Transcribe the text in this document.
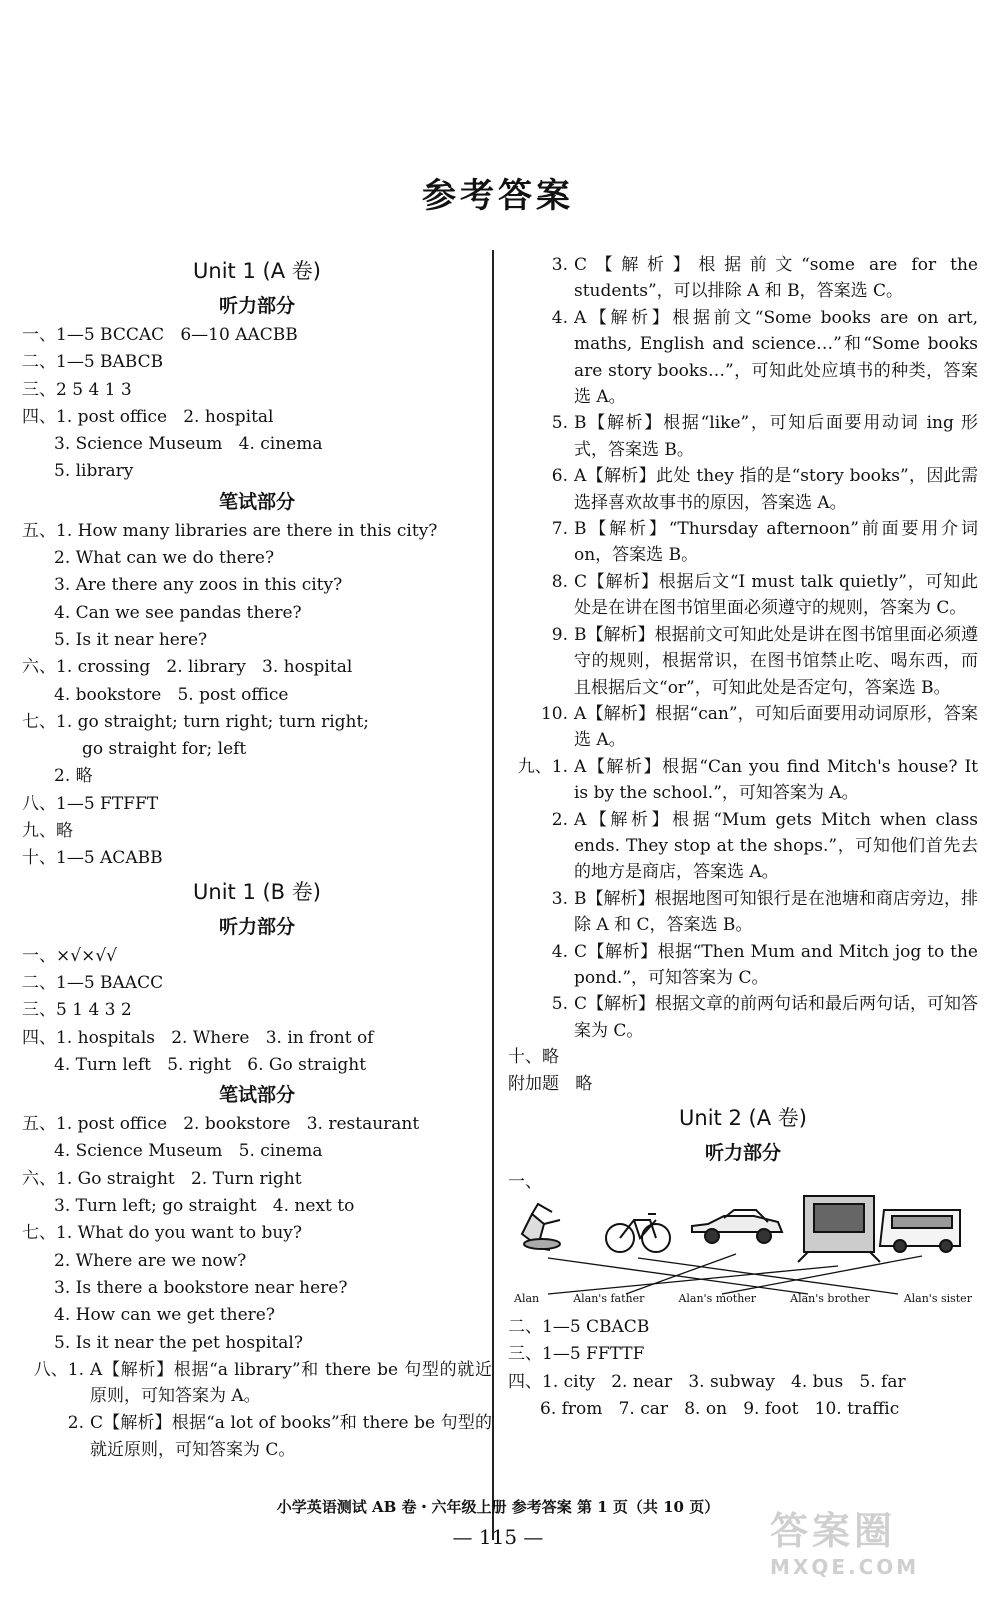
参考答案
Unit 1 (A 卷)
听力部分
一、1—5 BCCAC   6—10 AACBB
二、1—5 BABCB
三、2 5 4 1 3
四、1. post office   2. hospital
3. Science Museum   4. cinema
5. library
笔试部分
五、1. How many libraries are there in this city?
2. What can we do there?
3. Are there any zoos in this city?
4. Can we see pandas there?
5. Is it near here?
六、1. crossing   2. library   3. hospital
4. bookstore   5. post office
七、1. go straight; turn right; turn right;
go straight for; left
2. 略
八、1—5 FTFFT
九、略
十、1—5 ACABB
Unit 1 (B 卷)
听力部分
一、×√×√√
二、1—5 BAACC
三、5 1 4 3 2
四、1. hospitals   2. Where   3. in front of
4. Turn left   5. right   6. Go straight
笔试部分
五、1. post office   2. bookstore   3. restaurant
4. Science Museum   5. cinema
六、1. Go straight   2. Turn right
3. Turn left; go straight   4. next to
七、1. What do you want to buy?
2. Where are we now?
3. Is there a bookstore near here?
4. How can we get there?
5. Is it near the pet hospital?
八、1. A【解析】根据“a library”和 there be 句型的就近原则，可知答案为 A。
2. C【解析】根据“a lot of books”和 there be 句型的就近原则，可知答案为 C。
3. C【解析】根据前文“some are for the students”，可以排除 A 和 B，答案选 C。
4. A【解析】根据前文“Some books are on art, maths, English and science…”和“Some books are story books…”，可知此处应填书的种类，答案选 A。
5. B【解析】根据“like”，可知后面要用动词 ing 形式，答案选 B。
6. A【解析】此处 they 指的是“story books”，因此需选择喜欢故事书的原因，答案选 A。
7. B【解析】“Thursday afternoon”前面要用介词 on，答案选 B。
8. C【解析】根据后文“I must talk quietly”，可知此处是在讲在图书馆里面必须遵守的规则，答案为 C。
9. B【解析】根据前文可知此处是讲在图书馆里面必须遵守的规则，根据常识，在图书馆禁止吃、喝东西，而且根据后文“or”，可知此处是否定句，答案选 B。
10. A【解析】根据“can”，可知后面要用动词原形，答案选 A。
九、1. A【解析】根据“Can you find Mitch's house? It is by the school.”，可知答案为 A。
2. A【解析】根据“Mum gets Mitch when class ends. They stop at the shops.”，可知他们首先去的地方是商店，答案选 A。
3. B【解析】根据地图可知银行是在池塘和商店旁边，排除 A 和 C，答案选 B。
4. C【解析】根据“Then Mum and Mitch jog to the pond.”，可知答案为 C。
5. C【解析】根据文章的前两句话和最后两句话，可知答案为 C。
十、略
附加题   略
Unit 2 (A 卷)
听力部分
一、
Alan	Alan's father	Alan's mother	Alan's brother	Alan's sister
二、1—5 CBACB
三、1—5 FFTTF
四、1. city   2. near   3. subway   4. bus   5. far
6. from   7. car   8. on   9. foot   10. traffic
小学英语测试 AB 卷・六年级上册 参考答案 第 1 页（共 10 页）
— 115 —	答案圈
MXQE.COM
